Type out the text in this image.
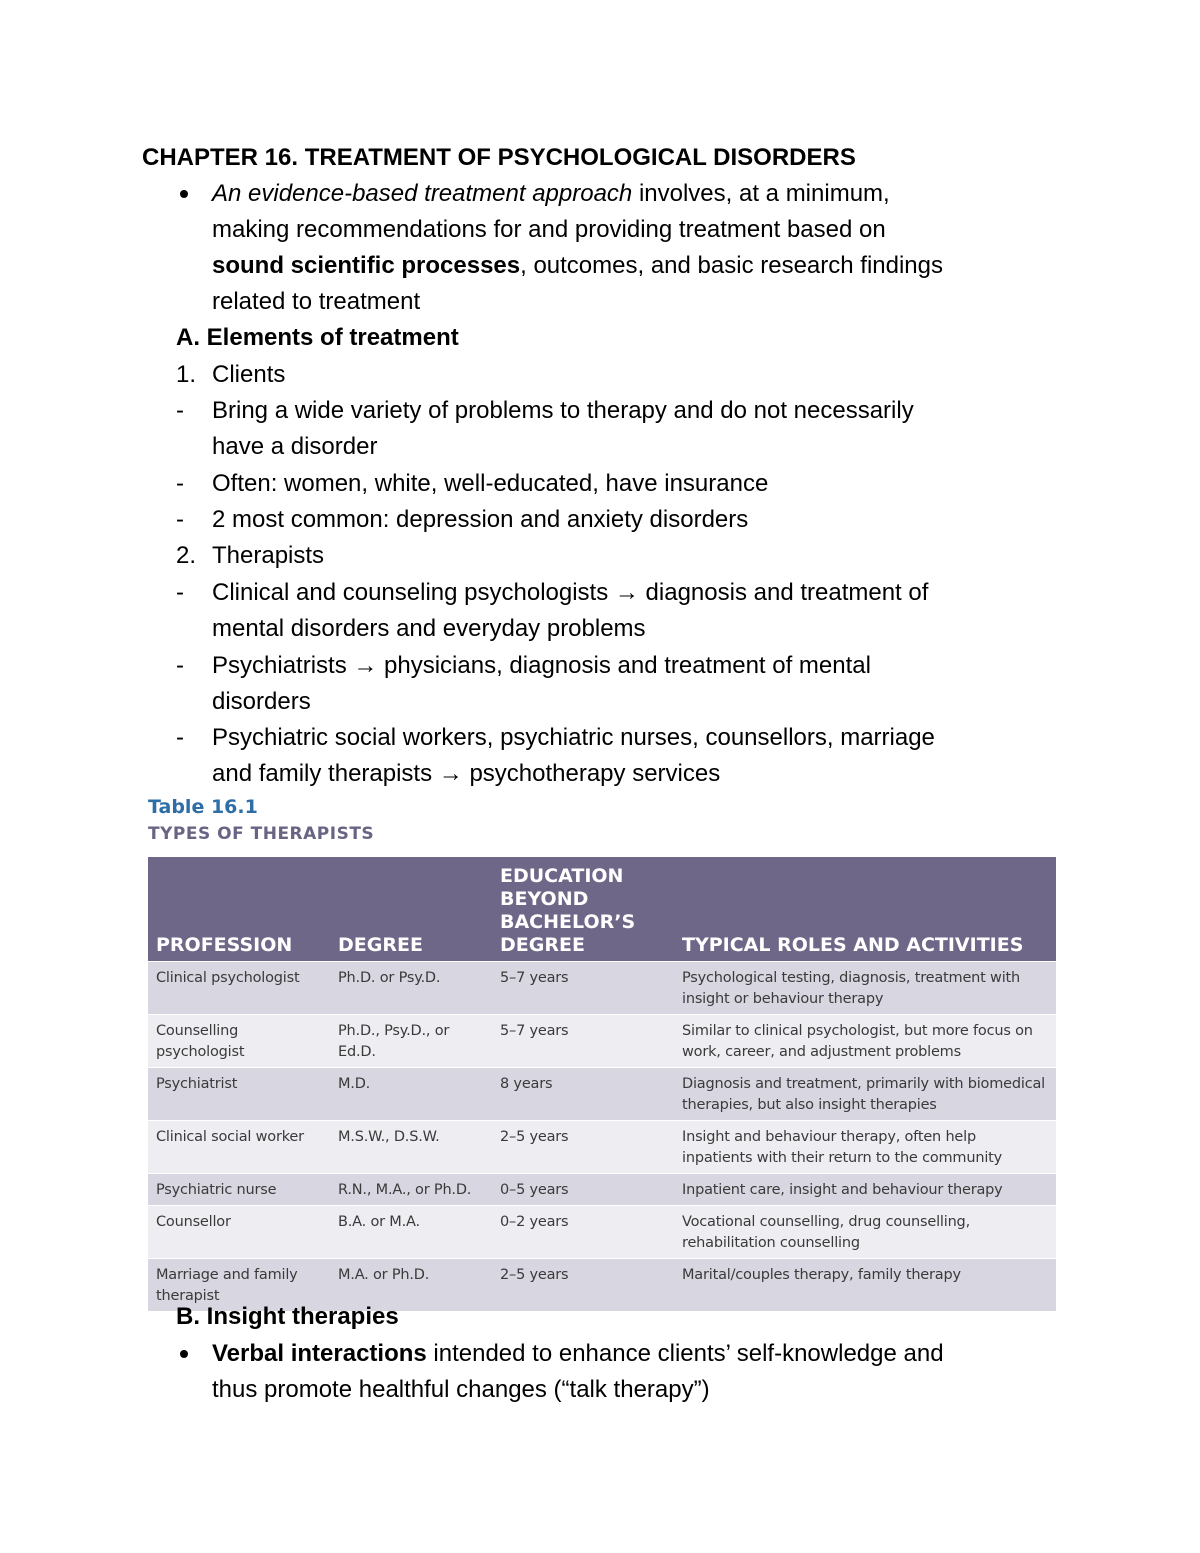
CHAPTER 16. TREATMENT OF PSYCHOLOGICAL DISORDERS
An evidence-based treatment approach involves, at a minimum,
making recommendations for and providing treatment based on
sound scientific processes, outcomes, and basic research findings
related to treatment
A. Elements of treatment
1. Clients
-	Bring a wide variety of problems to therapy and do not necessarily
have a disorder
-	Often: women, white, well-educated, have insurance
-	2 most common: depression and anxiety disorders
2. Therapists
-	Clinical and counseling psychologists → diagnosis and treatment of
mental disorders and everyday problems
-	Psychiatrists → physicians, diagnosis and treatment of mental
disorders
-	Psychiatric social workers, psychiatric nurses, counsellors, marriage
and family therapists → psychotherapy services
Table 16.1
TYPES OF THERAPISTS
PROFESSION	DEGREE	EDUCATION BEYOND BACHELOR’S DEGREE	TYPICAL ROLES AND ACTIVITIES
Clinical psychologist	Ph.D. or Psy.D.	5–7 years	Psychological testing, diagnosis, treatment with insight or behaviour therapy
Counselling psychologist	Ph.D., Psy.D., or Ed.D.	5–7 years	Similar to clinical psychologist, but more focus on work, career, and adjustment problems
Psychiatrist	M.D.	8 years	Diagnosis and treatment, primarily with biomedical therapies, but also insight therapies
Clinical social worker	M.S.W., D.S.W.	2–5 years	Insight and behaviour therapy, often help inpatients with their return to the community
Psychiatric nurse	R.N., M.A., or Ph.D.	0–5 years	Inpatient care, insight and behaviour therapy
Counsellor	B.A. or M.A.	0–2 years	Vocational counselling, drug counselling, rehabilitation counselling
Marriage and family therapist	M.A. or Ph.D.	2–5 years	Marital/couples therapy, family therapy
B. Insight therapies
Verbal interactions intended to enhance clients’ self-knowledge and
thus promote healthful changes (“talk therapy”)
